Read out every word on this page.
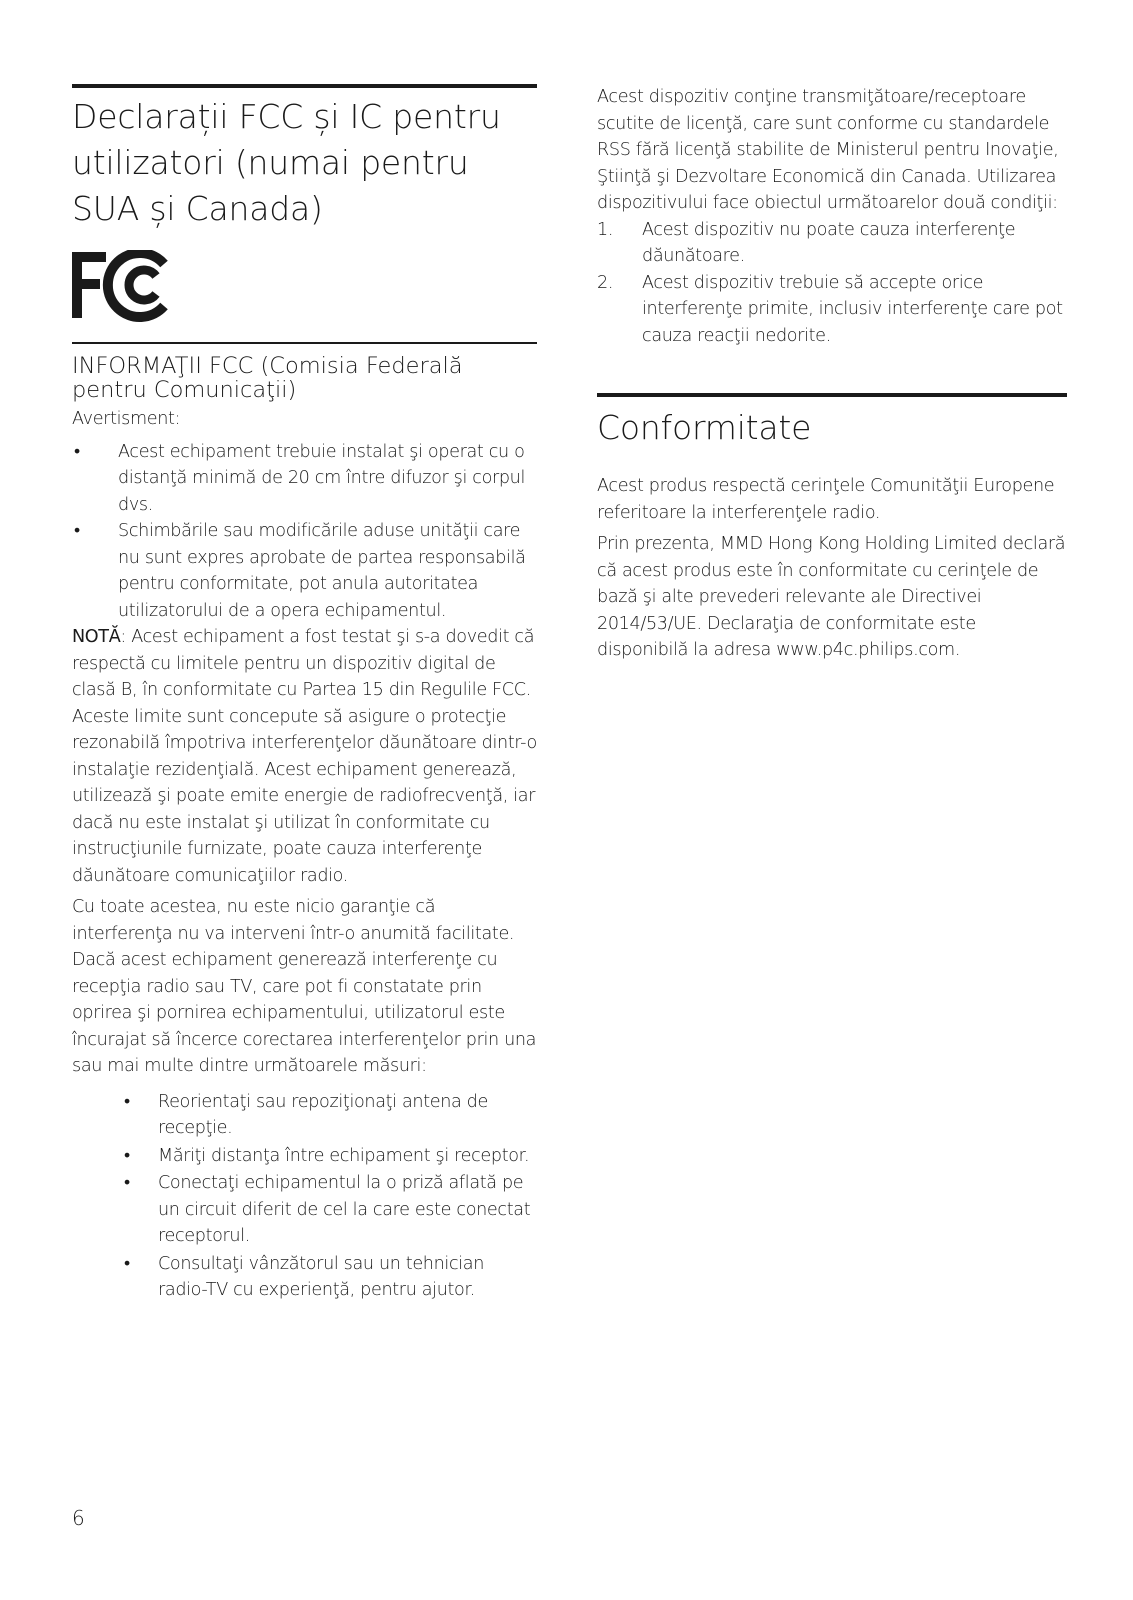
Declarații FCC și IC pentru utilizatori (numai pentru SUA și Canada)
FC
INFORMAŢII FCC (Comisia Federală pentru Comunicaţii)

Avertisment:

• Acest echipament trebuie instalat şi operat cu o distanţă minimă de 20 cm între difuzor şi corpul dvs.
• Schimbările sau modificările aduse unităţii care nu sunt expres aprobate de partea responsabilă pentru conformitate, pot anula autoritatea utilizatorului de a opera echipamentul.

NOTĂ: Acest echipament a fost testat şi s-a dovedit că respectă cu limitele pentru un dispozitiv digital de clasă B, în conformitate cu Partea 15 din Regulile FCC. Aceste limite sunt concepute să asigure o protecţie rezonabilă împotriva interferenţelor dăunătoare dintr-o instalaţie rezidenţială. Acest echipament generează, utilizează şi poate emite energie de radiofrecvenţă, iar dacă nu este instalat şi utilizat în conformitate cu instrucţiunile furnizate, poate cauza interferenţe dăunătoare comunicaţiilor radio.

Cu toate acestea, nu este nicio garanţie că interferenţa nu va interveni într-o anumită facilitate. Dacă acest echipament generează interferenţe cu recepţia radio sau TV, care pot fi constatate prin oprirea şi pornirea echipamentului, utilizatorul este încurajat să încerce corectarea interferenţelor prin una sau mai multe dintre următoarele măsuri:

• Reorientaţi sau repoziţionaţi antena de recepţie.
• Măriţi distanţa între echipament şi receptor.
• Conectaţi echipamentul la o priză aflată pe un circuit diferit de cel la care este conectat receptorul.
• Consultaţi vânzătorul sau un tehnician radio-TV cu experienţă, pentru ajutor.

Acest dispozitiv conţine transmiţătoare/receptoare scutite de licenţă, care sunt conforme cu standardele RSS fără licenţă stabilite de Ministerul pentru Inovaţie, Ştiinţă şi Dezvoltare Economică din Canada. Utilizarea dispozitivului face obiectul următoarelor două condiţii:

1. Acest dispozitiv nu poate cauza interferenţe dăunătoare.
2. Acest dispozitiv trebuie să accepte orice interferenţe primite, inclusiv interferenţe care pot cauza reacţii nedorite.
Conformitate

Acest produs respectă cerinţele Comunităţii Europene referitoare la interferenţele radio.

Prin prezenta, MMD Hong Kong Holding Limited declară că acest produs este în conformitate cu cerinţele de bază şi alte prevederi relevante ale Directivei 2014/53/UE. Declaraţia de conformitate este disponibilă la adresa www.p4c.philips.com.

6
